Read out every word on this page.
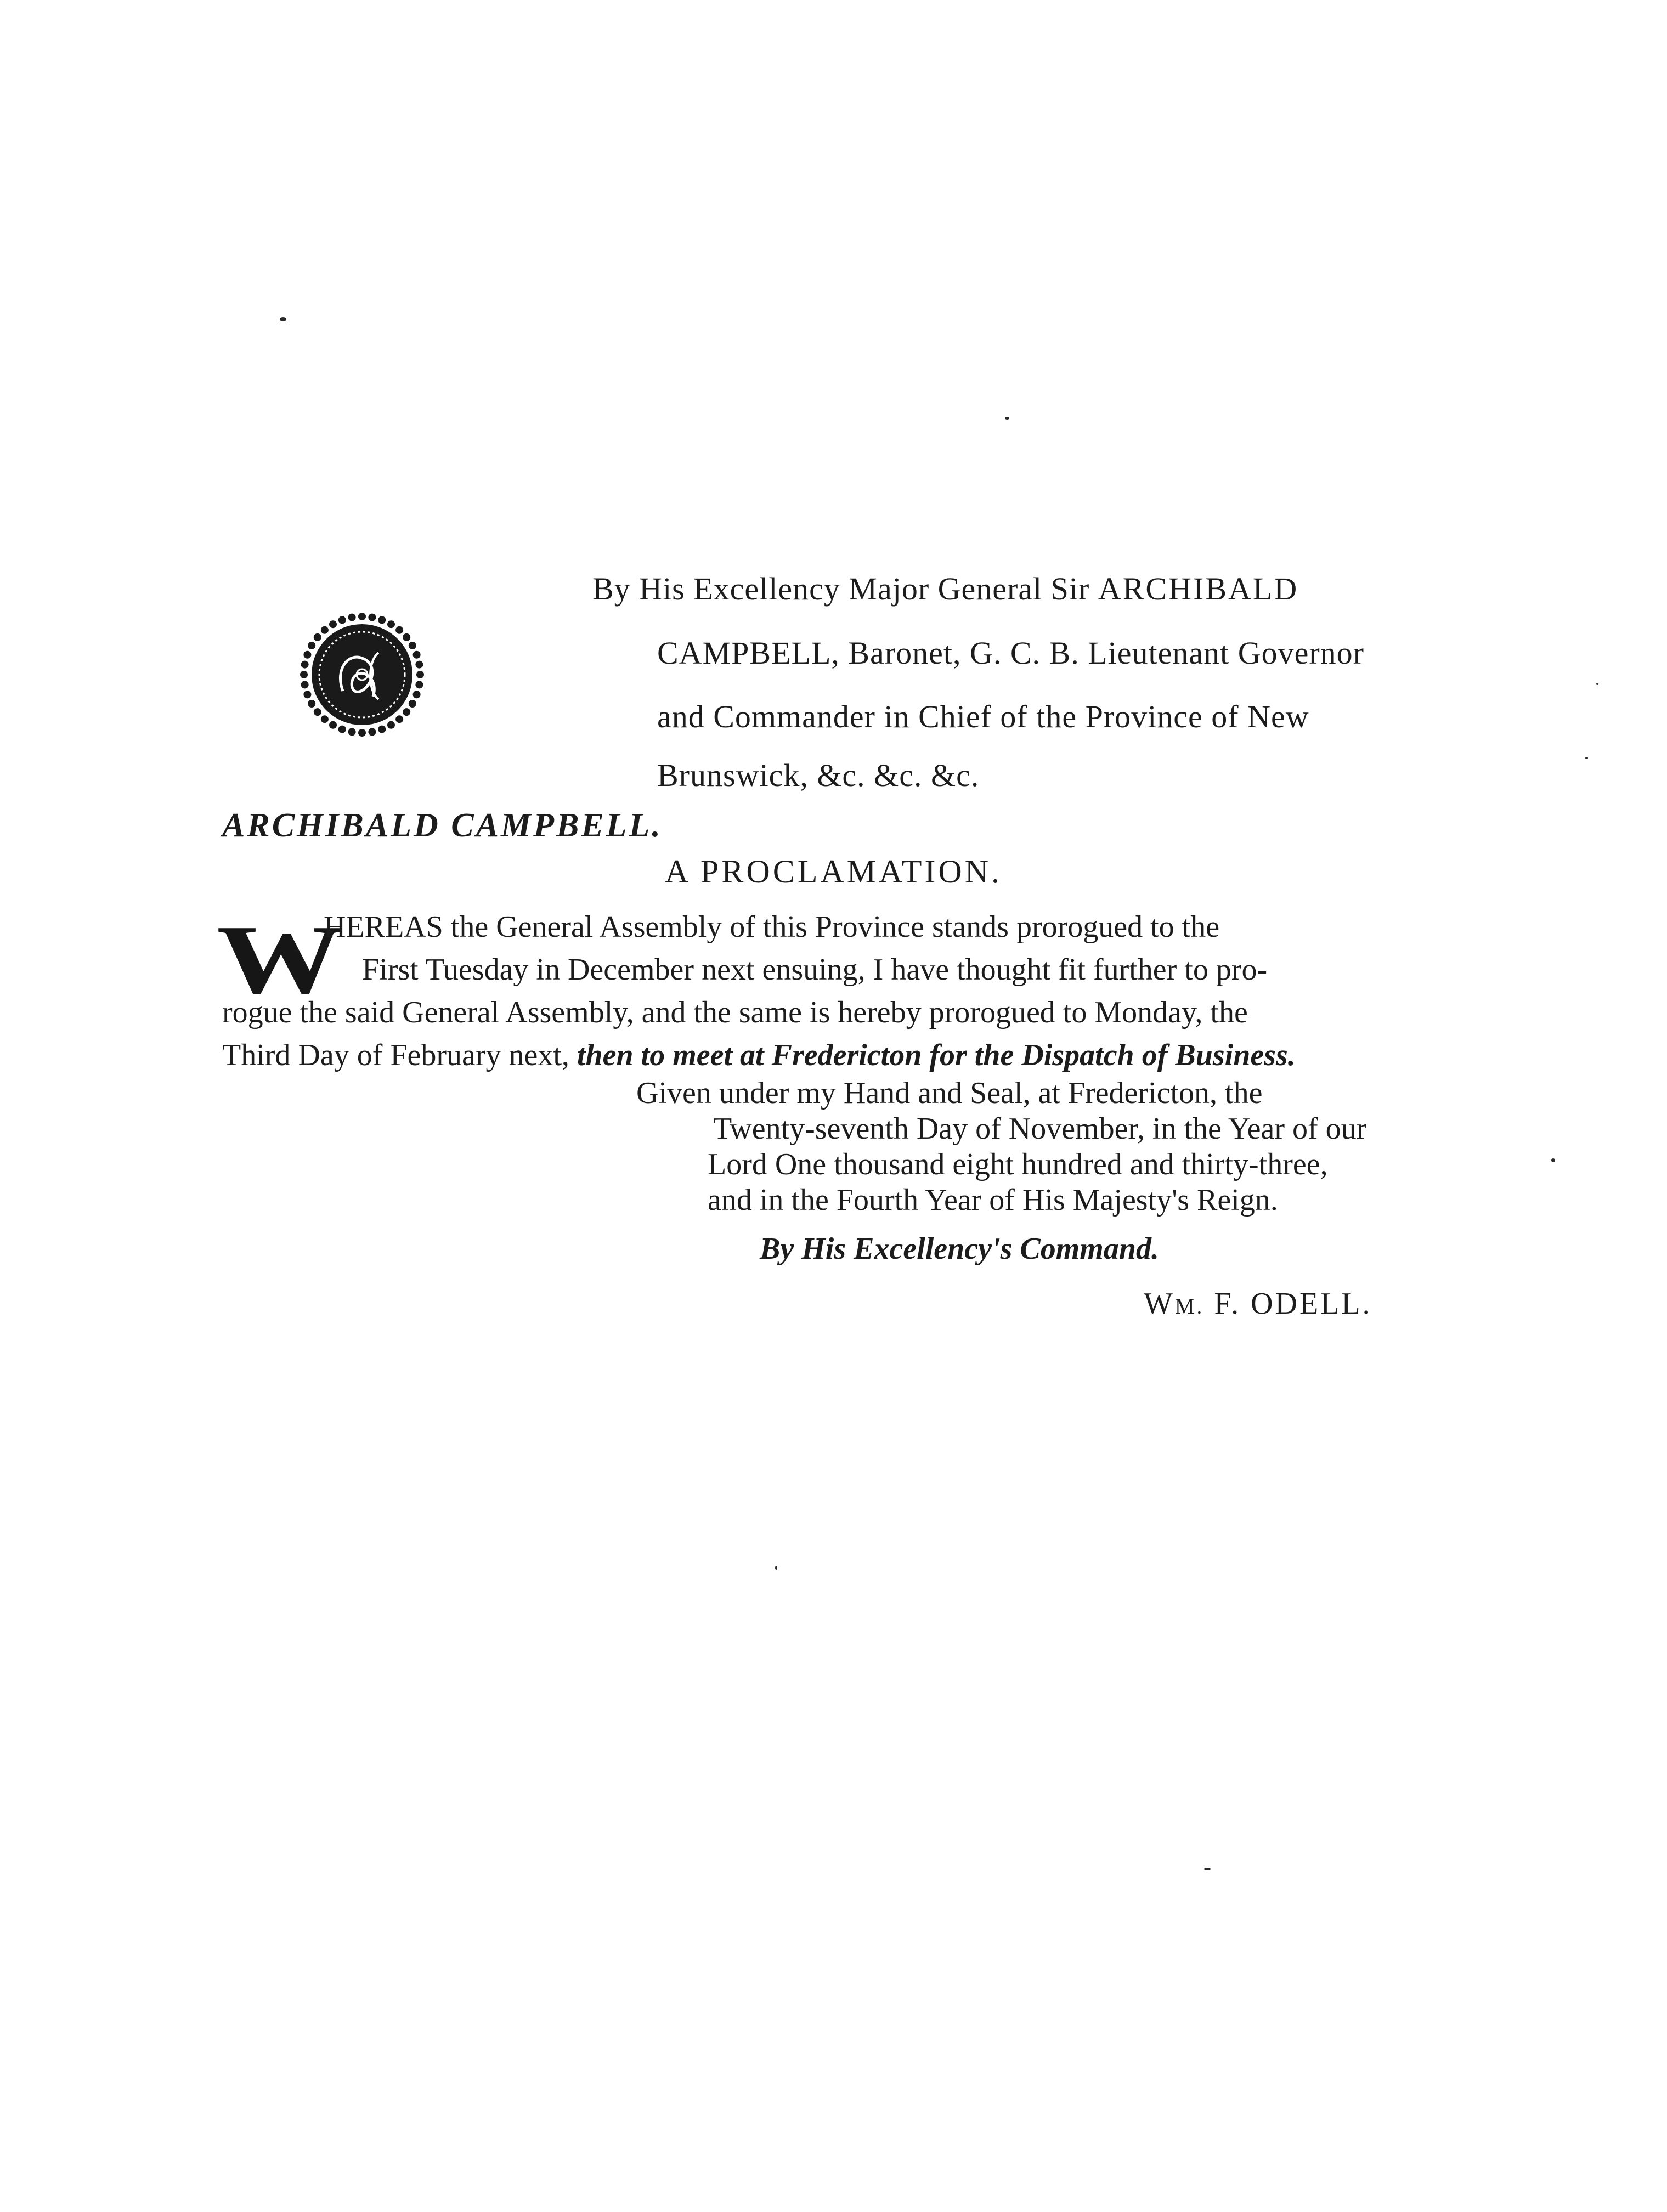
By His Excellency Major General Sir ARCHIBALD
CAMPBELL, Baronet, G. C. B. Lieutenant Governor
and Commander in Chief of the Province of New
Brunswick, &c. &c. &c.
ARCHIBALD CAMPBELL.
A PROCLAMATION.
W
HEREAS the General Assembly of this Province stands prorogued to the
First Tuesday in December next ensuing, I have thought fit further to pro-
rogue the said General Assembly, and the same is hereby prorogued to Monday, the
Third Day of February next, then to meet at Fredericton for the Dispatch of Business.
Given under my Hand and Seal, at Fredericton, the
Twenty-seventh Day of November, in the Year of our
Lord One thousand eight hundred and thirty-three,
and in the Fourth Year of His Majesty's Reign.
By His Excellency's Command.
WM. F. ODELL.
